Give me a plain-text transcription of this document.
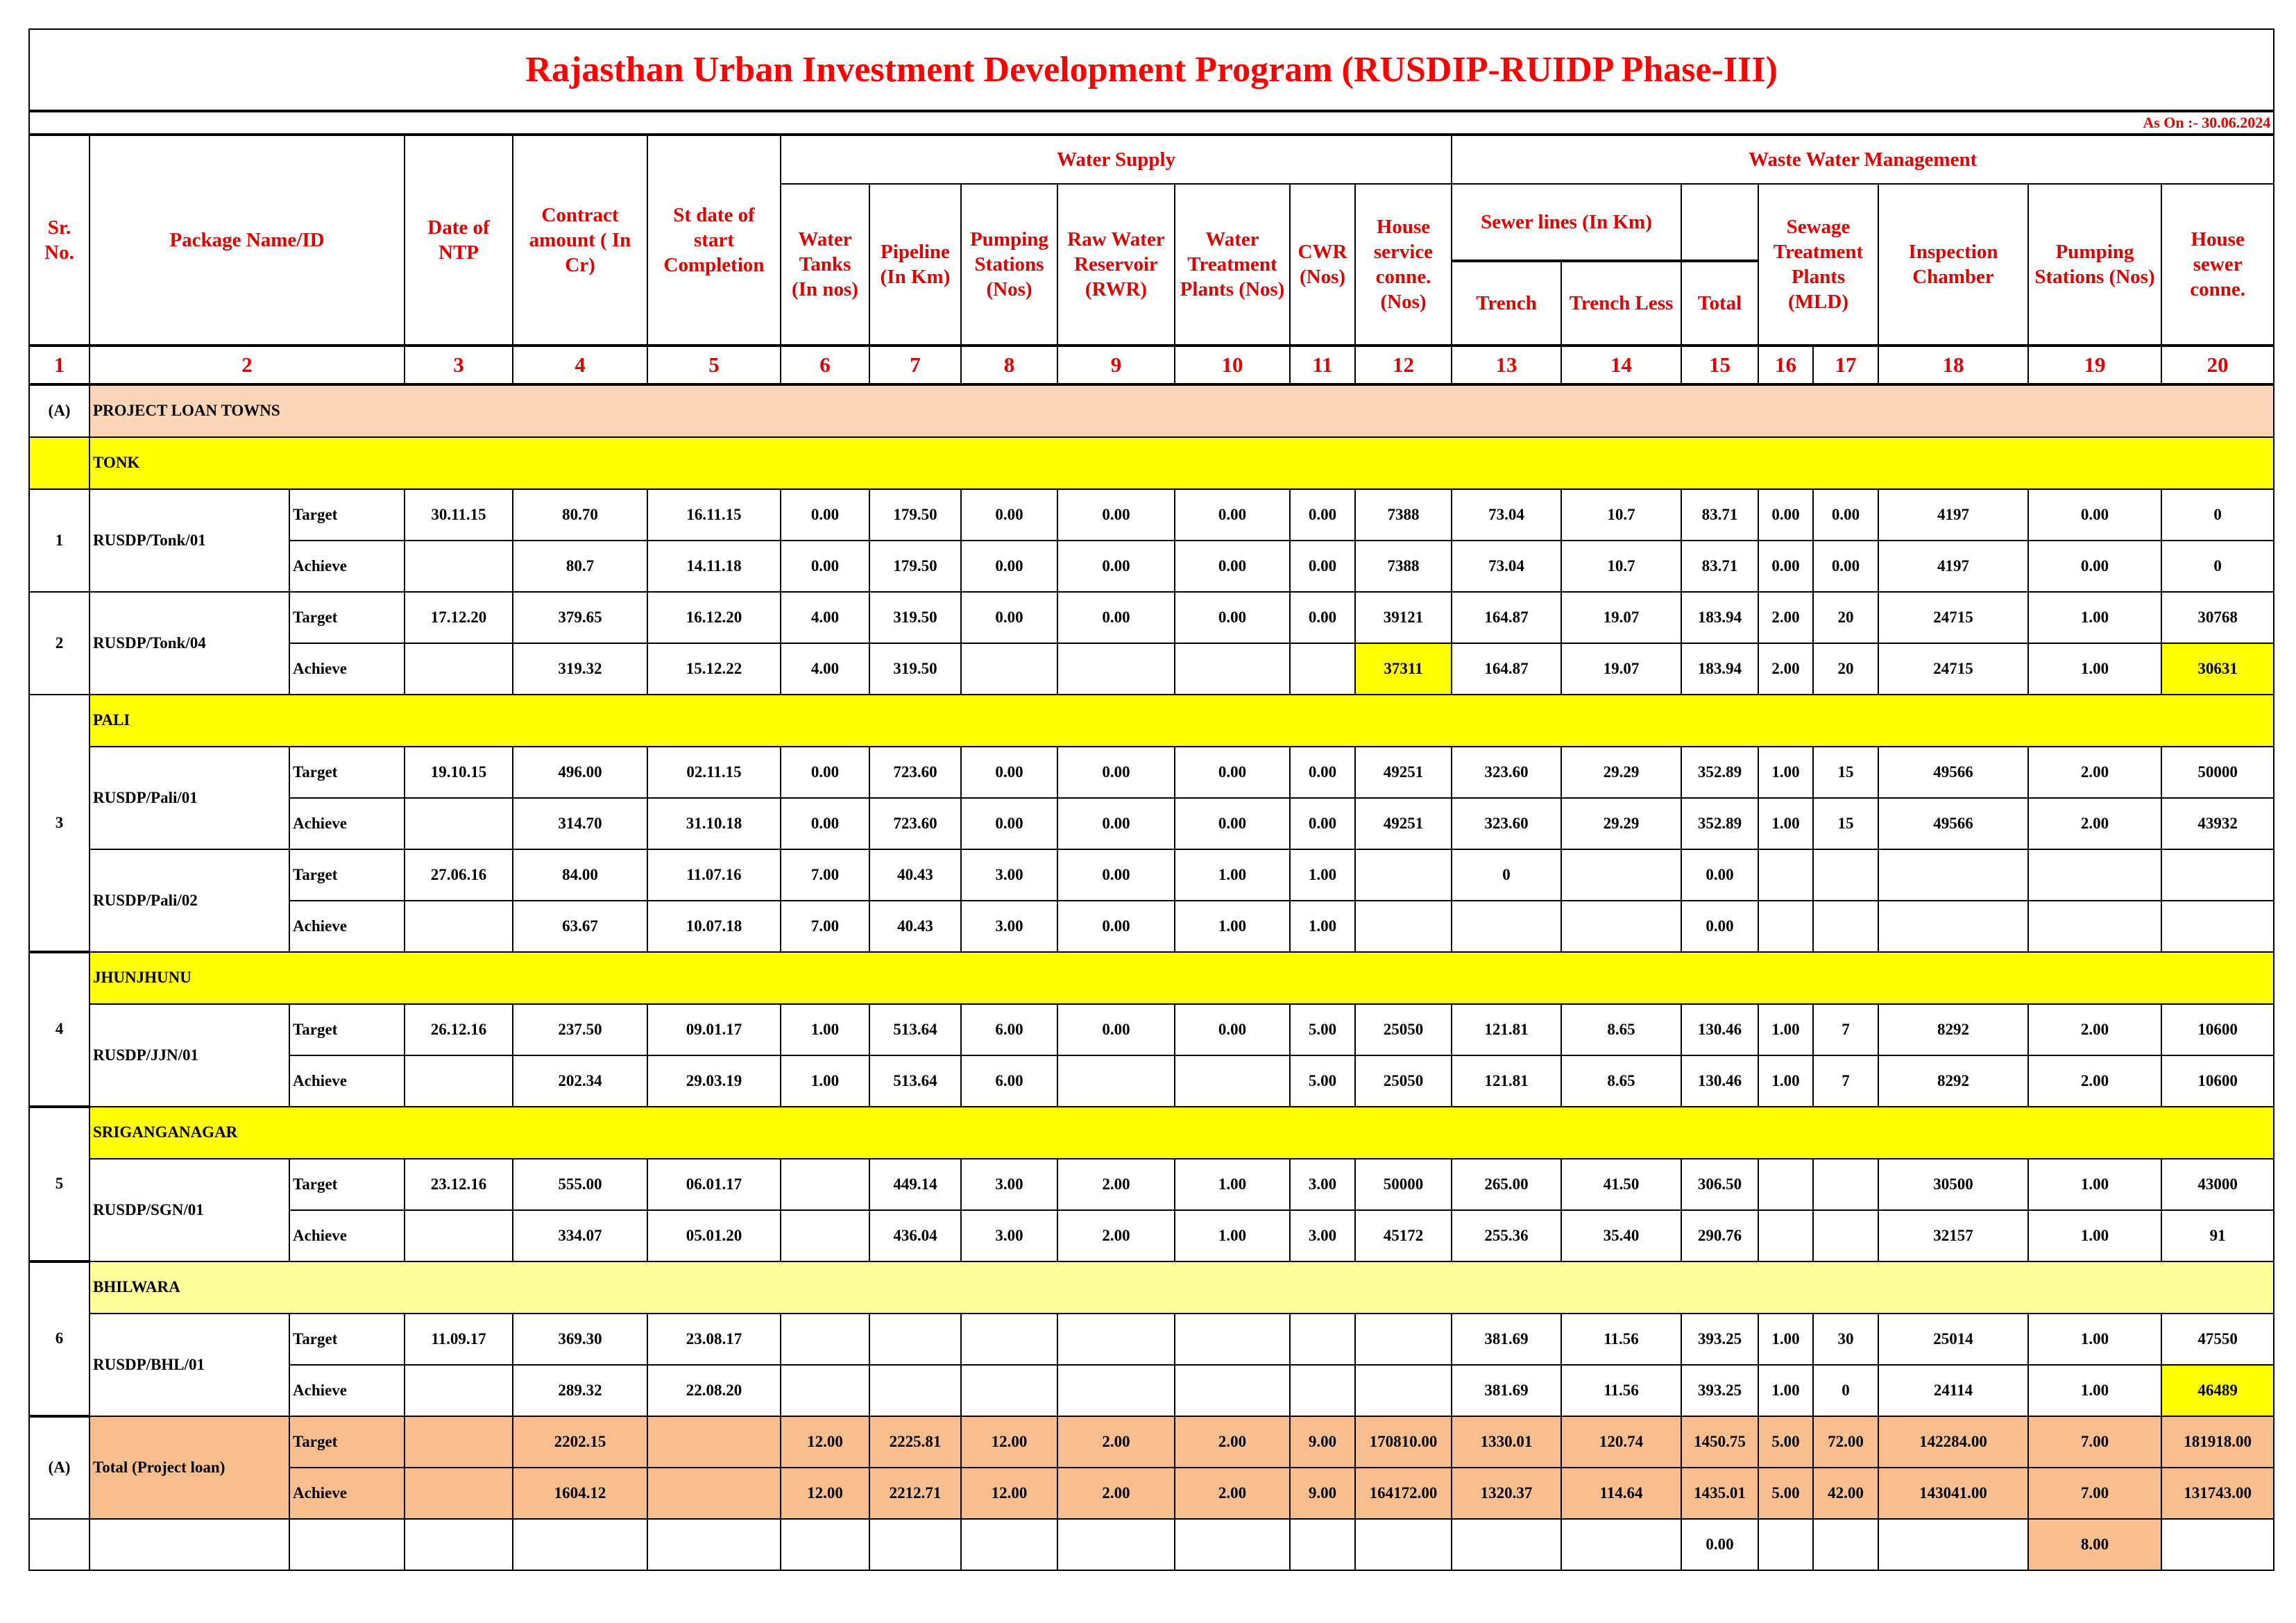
Rajasthan Urban Investment Development Program (RUSDIP-RUIDP Phase-III)																				
As On :- 30.06.2024																				
Sr. No.	Package Name/ID		Date of NTP	Contract amount ( In Cr)	St date of start Completion	Water Supply							Waste Water Management							
						Water Tanks (In nos)	Pipeline (In Km)	Pumping Stations (Nos)	Raw Water Reservoir (RWR)	Water Treatment Plants (Nos)	CWR (Nos)	House service conne. (Nos)	Sewer lines (In Km)			Sewage Treatment Plants (MLD)		Inspection Chamber	Pumping Stations (Nos)	House sewer conne.
													Trench	Trench Less	Total					
1	2		3	4	5	6	7	8	9	10	11	12	13	14	15	16	17	18	19	20
(A)	PROJECT LOAN TOWNS																			
	TONK																			
1	RUSDP/Tonk/01	Target	30.11.15	80.70	16.11.15	0.00	179.50	0.00	0.00	0.00	0.00	7388	73.04	10.7	83.71	0.00	0.00	4197	0.00	0
		Achieve		80.7	14.11.18	0.00	179.50	0.00	0.00	0.00	0.00	7388	73.04	10.7	83.71	0.00	0.00	4197	0.00	0
2	RUSDP/Tonk/04	Target	17.12.20	379.65	16.12.20	4.00	319.50	0.00	0.00	0.00	0.00	39121	164.87	19.07	183.94	2.00	20	24715	1.00	30768
		Achieve		319.32	15.12.22	4.00	319.50					37311	164.87	19.07	183.94	2.00	20	24715	1.00	30631
3	PALI																			
	RUSDP/Pali/01	Target	19.10.15	496.00	02.11.15	0.00	723.60	0.00	0.00	0.00	0.00	49251	323.60	29.29	352.89	1.00	15	49566	2.00	50000
		Achieve		314.70	31.10.18	0.00	723.60	0.00	0.00	0.00	0.00	49251	323.60	29.29	352.89	1.00	15	49566	2.00	43932
	RUSDP/Pali/02	Target	27.06.16	84.00	11.07.16	7.00	40.43	3.00	0.00	1.00	1.00		0		0.00					
		Achieve		63.67	10.07.18	7.00	40.43	3.00	0.00	1.00	1.00				0.00					
4	JHUNJHUNU																			
	RUSDP/JJN/01	Target	26.12.16	237.50	09.01.17	1.00	513.64	6.00	0.00	0.00	5.00	25050	121.81	8.65	130.46	1.00	7	8292	2.00	10600
		Achieve		202.34	29.03.19	1.00	513.64	6.00			5.00	25050	121.81	8.65	130.46	1.00	7	8292	2.00	10600
5	SRIGANGANAGAR																			
	RUSDP/SGN/01	Target	23.12.16	555.00	06.01.17		449.14	3.00	2.00	1.00	3.00	50000	265.00	41.50	306.50			30500	1.00	43000
		Achieve		334.07	05.01.20		436.04	3.00	2.00	1.00	3.00	45172	255.36	35.40	290.76			32157	1.00	91
6	BHILWARA																			
	RUSDP/BHL/01	Target	11.09.17	369.30	23.08.17								381.69	11.56	393.25	1.00	30	25014	1.00	47550
		Achieve		289.32	22.08.20								381.69	11.56	393.25	1.00	0	24114	1.00	46489
(A)	Total (Project loan)	Target		2202.15		12.00	2225.81	12.00	2.00	2.00	9.00	170810.00	1330.01	120.74	1450.75	5.00	72.00	142284.00	7.00	181918.00
		Achieve		1604.12		12.00	2212.71	12.00	2.00	2.00	9.00	164172.00	1320.37	114.64	1435.01	5.00	42.00	143041.00	7.00	131743.00
															0.00				8.00	
